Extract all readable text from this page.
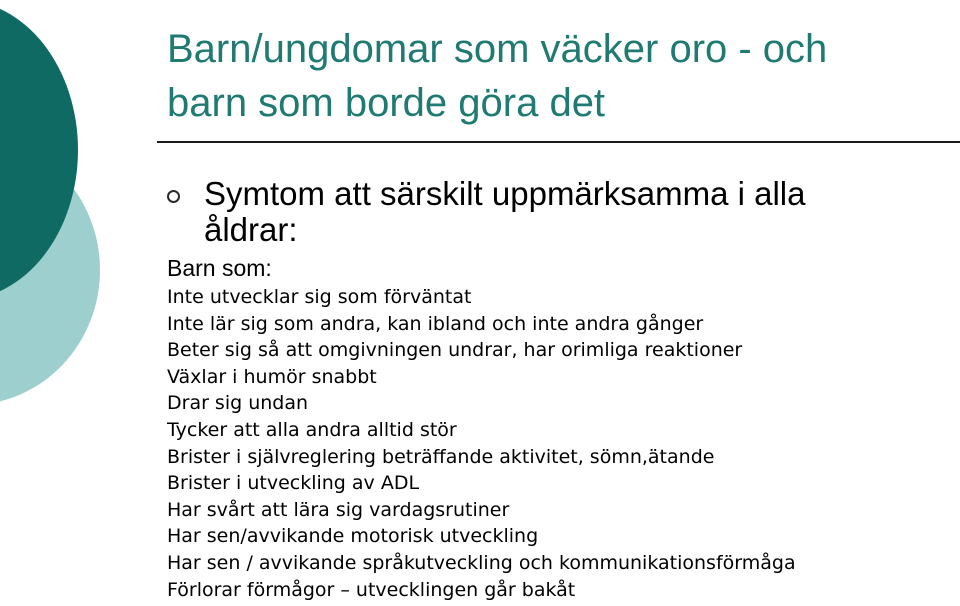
Barn/ungdomar som väcker oro - och
barn som borde göra det
Symtom att särskilt uppmärksamma i alla
åldrar:
Barn som:
Inte utvecklar sig som förväntat
Inte lär sig som andra, kan ibland och inte andra gånger
Beter sig så att omgivningen undrar, har orimliga reaktioner
Växlar i humör snabbt
Drar sig undan
Tycker att alla andra alltid stör
Brister i självreglering beträffande aktivitet, sömn,ätande
Brister i utveckling av ADL
Har svårt att lära sig vardagsrutiner
Har sen/avvikande motorisk utveckling
Har sen / avvikande språkutveckling och kommunikationsförmåga
Förlorar förmågor – utvecklingen går bakåt
